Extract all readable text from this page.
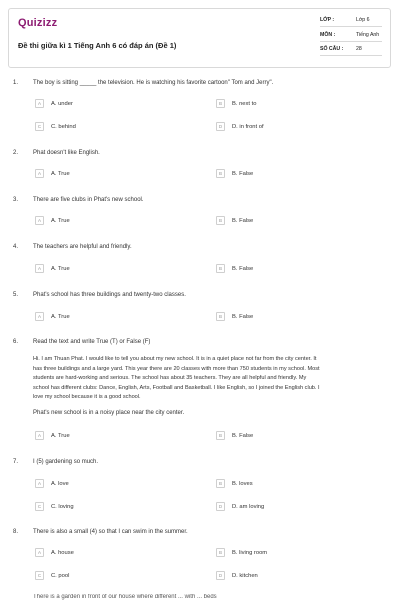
Quizizz
Đề thi giữa kì 1 Tiếng Anh 6 có đáp án (Đề 1)
LỚP :	Lớp 6
MÔN :	Tiếng Anh
SỐ CÂU : 28
1. The boy is sitting _____ the television. He is watching his favorite cartoon" Tom and Jerry".
A	A. under	B	B. next to
C	C. behind	D	D. in front of
2. Phat doesn't like English.
A	A. True	B	B. False
3. There are five clubs in Phat's new school.
A	A. True	B	B. False
4. The teachers are helpful and friendly.
A	A. True	B	B. False
5. Phat's school has three buildings and twenty-two classes.
A	A. True	B	B. False
6. Read the text and write True (T) or False (F)
Hi. I am Thuan Phat. I would like to tell you about my new school. It is in a quiet place not far from the city center. It
has three buildings and a large yard. This year there are 20 classes with more than 750 students in my school. Most
students are hard-working and serious. The school has about 35 teachers. They are all helpful and friendly. My
school has different clubs: Dance, English, Arts, Football and Basketball. I like English, so I joined the English club. I
love my school because it is a good school.
Phat's new school is in a noisy place near the city center.
A	A. True	B	B. False
7. I (5) gardening so much.
A	A. love	B	B. loves
C	C. loving	D	D. am loving
8. There is also a small (4) so that I can swim in the summer.
A	A. house	B	B. living room
C	C. pool	D	D. kitchen
There is a garden in front of our house where different ... with ... beds
